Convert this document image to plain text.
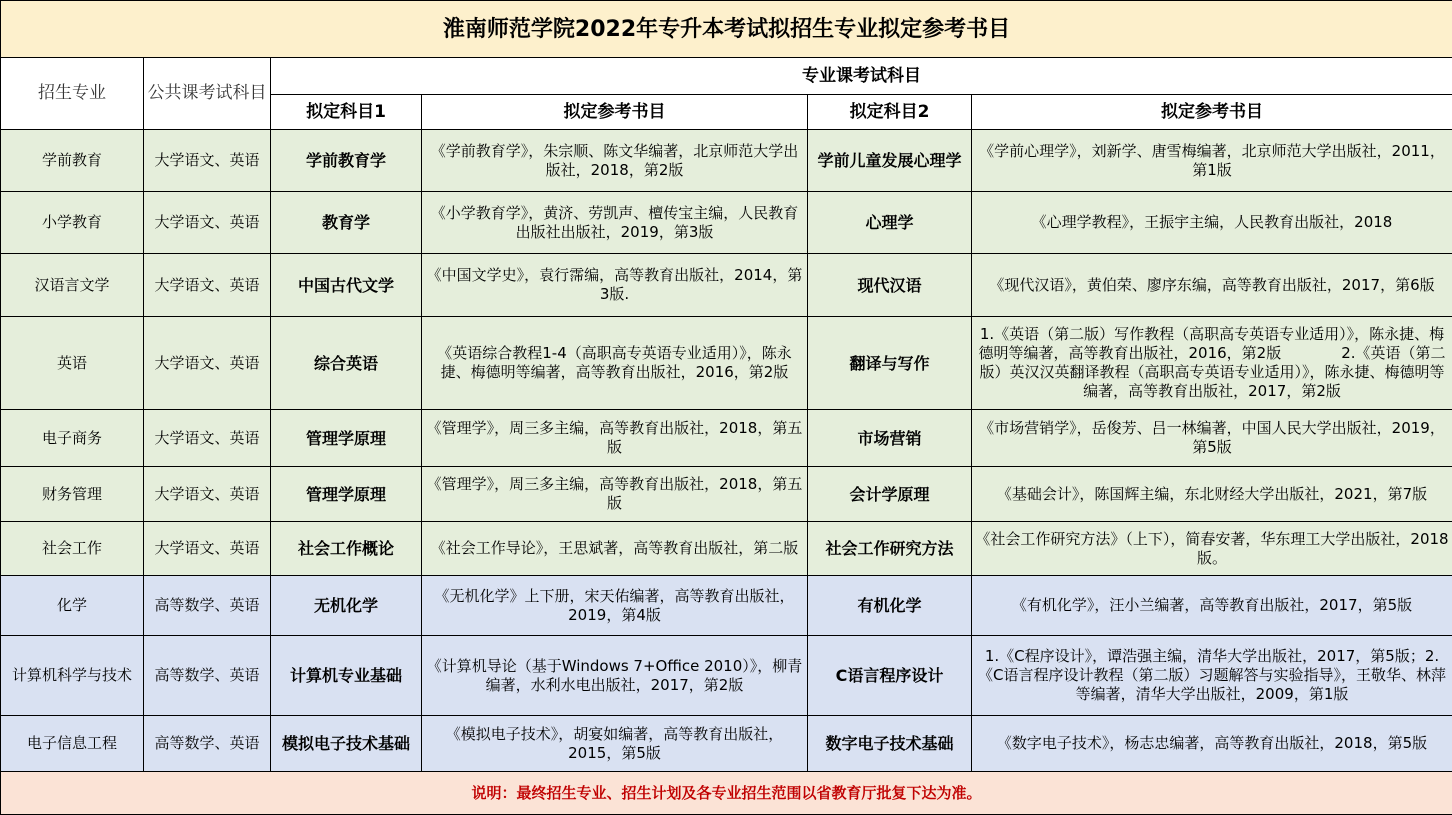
淮南师范学院2022年专升本考试拟招生专业拟定参考书目					
招生专业	公共课考试科目	专业课考试科目			
		拟定科目1	拟定参考书目	拟定科目2	拟定参考书目
学前教育	大学语文、英语	学前教育学	《学前教育学》，朱宗顺、陈文华编著，北京师范大学出版社，2018，第2版	学前儿童发展心理学	《学前心理学》，刘新学、唐雪梅编著，北京师范大学出版社，2011，第1版
小学教育	大学语文、英语	教育学	《小学教育学》，黄济、劳凯声、檀传宝主编，人民教育出版社出版社，2019，第3版	心理学	《心理学教程》，王振宇主编，人民教育出版社，2018
汉语言文学	大学语文、英语	中国古代文学	《中国文学史》，袁行霈编，高等教育出版社，2014，第3版.	现代汉语	《现代汉语》，黄伯荣、廖序东编，高等教育出版社，2017，第6版
英语	大学语文、英语	综合英语	《英语综合教程1-4（高职高专英语专业适用）》，陈永捷、梅德明等编著，高等教育出版社，2016，第2版	翻译与写作	1.《英语（第二版）写作教程（高职高专英语专业适用）》，陈永捷、梅德明等编著，高等教育出版社，2016，第2版　　　　2.《英语（第二版）英汉汉英翻译教程（高职高专英语专业适用）》，陈永捷、梅德明等编著，高等教育出版社，2017，第2版
电子商务	大学语文、英语	管理学原理	《管理学》，周三多主编，高等教育出版社，2018，第五版	市场营销	《市场营销学》，岳俊芳、吕一林编著，中国人民大学出版社，2019，第5版
财务管理	大学语文、英语	管理学原理	《管理学》，周三多主编，高等教育出版社，2018，第五版	会计学原理	《基础会计》，陈国辉主编，东北财经大学出版社，2021，第7版
社会工作	大学语文、英语	社会工作概论	《社会工作导论》，王思斌著，高等教育出版社，第二版	社会工作研究方法	《社会工作研究方法》（上下），简春安著，华东理工大学出版社，2018版。
化学	高等数学、英语	无机化学	《无机化学》上下册，宋天佑编著，高等教育出版社，2019，第4版	有机化学	《有机化学》，汪小兰编著，高等教育出版社，2017，第5版
计算机科学与技术	高等数学、英语	计算机专业基础	《计算机导论（基于Windows 7+Office 2010）》，柳青编著，水利水电出版社，2017，第2版	C语言程序设计	1.《C程序设计》，谭浩强主编，清华大学出版社，2017，第5版；2.《C语言程序设计教程（第二版）习题解答与实验指导》，王敬华、林萍等编著，清华大学出版社，2009，第1版
电子信息工程	高等数学、英语	模拟电子技术基础	《模拟电子技术》，胡宴如编著，高等教育出版社，2015，第5版	数字电子技术基础	《数字电子技术》，杨志忠编著，高等教育出版社，2018，第5版
说明：最终招生专业、招生计划及各专业招生范围以省教育厅批复下达为准。					
